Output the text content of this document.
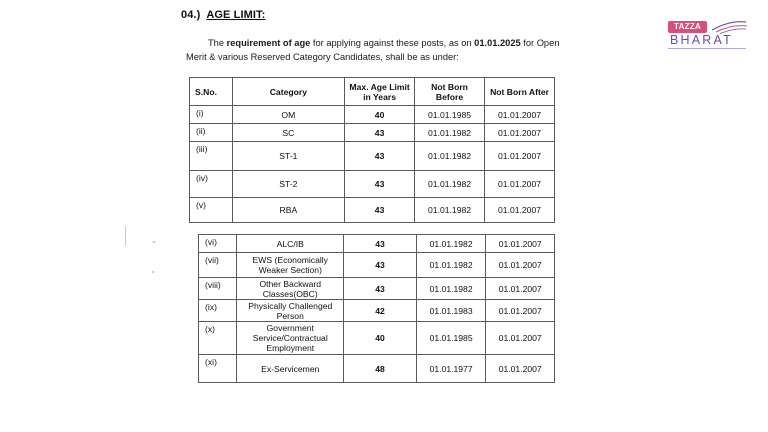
04.) AGE LIMIT:
The requirement of age for applying against these posts, as on 01.01.2025 for Open
Merit & various Reserved Category Candidates, shall be as under:
S.No.	Category	Max. Age Limit in Years	Not Born Before	Not Born After
(i)	OM	40	01.01.1985	01.01.2007
(ii)	SC	43	01.01.1982	01.01.2007
(iii)	ST-1	43	01.01.1982	01.01.2007
(iv)	ST-2	43	01.01.1982	01.01.2007
(v)	RBA	43	01.01.1982	01.01.2007
(vi)	ALC/IB	43	01.01.1982	01.01.2007
(vii)	EWS (Economically Weaker Section)	43	01.01.1982	01.01.2007
(viii)	Other Backward Classes(OBC)	43	01.01.1982	01.01.2007
(ix)	Physically Challenged Person	42	01.01.1983	01.01.2007
(x)	Government Service/Contractual Employment	40	01.01.1985	01.01.2007
(xi)	Ex-Servicemen	48	01.01.1977	01.01.2007
TAZZA
BHARAT
